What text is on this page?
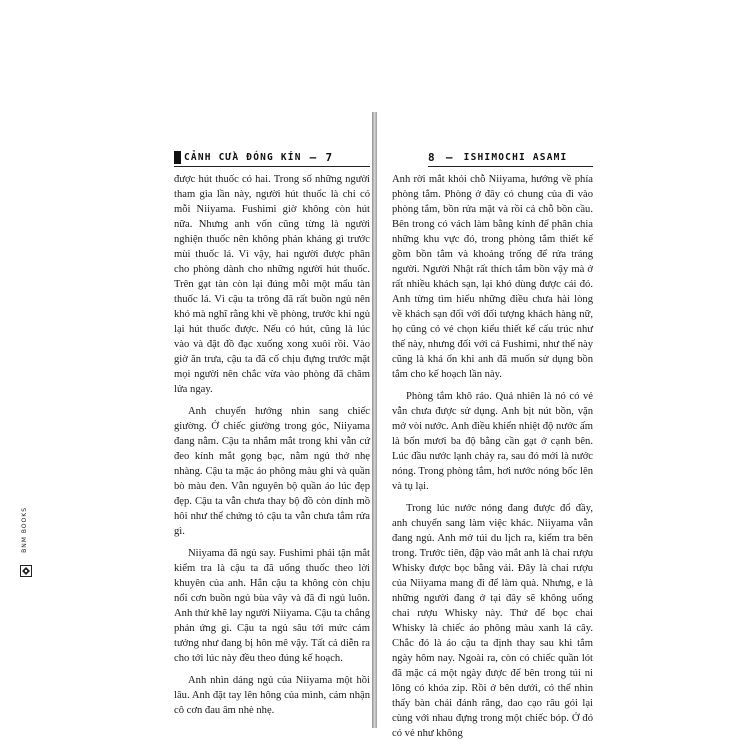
CẢNH CỬA ĐÓNG KÍN – 7

được hút thuốc có hai. Trong số những người tham gia lần này, người hút thuốc là chỉ có mỗi Niiyama. Fushimi giờ không còn hút nữa. Nhưng anh vốn cũng từng là người nghiện thuốc nên không phản kháng gì trước mùi thuốc lá. Vì vậy, hai người được phân cho phòng dành cho những người hút thuốc. Trên gạt tàn còn lại đúng mỗi một mẩu tàn thuốc lá. Vì cậu ta trông đã rất buồn ngủ nên khó mà nghĩ rằng khi về phòng, trước khi ngủ lại hút thuốc được. Nếu có hút, cũng là lúc vào và đặt đồ đạc xuống xong xuôi rồi. Vào giờ ăn trưa, cậu ta đã cố chịu đựng trước mặt mọi người nên chắc vừa vào phòng đã châm lửa ngay.

Anh chuyển hướng nhìn sang chiếc giường. Ở chiếc giường trong góc, Niiyama đang nằm. Cậu ta nhắm mắt trong khi vẫn cứ đeo kính mắt gọng bạc, nằm ngủ thở nhẹ nhàng. Cậu ta mặc áo phông màu ghi và quần bò màu đen. Vẫn nguyên bộ quần áo lúc đẹp đẹp. Cậu ta vẫn chưa thay bộ đồ còn dính mồ hôi như thể chứng tỏ cậu ta vẫn chưa tắm rửa gì.

Niiyama đã ngủ say. Fushimi phải tận mắt kiểm tra là cậu ta đã uống thuốc theo lời khuyên của anh. Hắn cậu ta không còn chịu nổi cơn buồn ngủ bùa vây và đã đi ngủ luôn. Anh thử khẽ lay người Niiyama. Cậu ta chẳng phản ứng gì. Cậu ta ngủ sâu tới mức cảm tưởng như đang bị hôn mê vậy. Tất cả diễn ra cho tới lúc này đều theo đúng kế hoạch.

Anh nhìn dáng ngủ của Niiyama một hồi lâu. Anh đặt tay lên hông của mình, cảm nhận cô cơn đau âm nhè nhẹ.

8 – ISHIMOCHI ASAMI

Anh rời mắt khỏi chỗ Niiyama, hướng về phía phòng tắm. Phòng ở đây có chung của đi vào phòng tắm, bồn rửa mặt và rồi cả chỗ bồn cầu. Bên trong có vách làm bằng kính để phân chia những khu vực đó, trong phòng tắm thiết kế gồm bồn tắm và khoảng trống để rửa tráng người. Người Nhật rất thích tắm bồn vậy mà ở rất nhiều khách sạn, lại khó dùng được cái đó. Anh từng tìm hiểu những điều chưa hài lòng về khách sạn đối với đối tượng khách hàng nữ, họ cũng có vẻ chọn kiểu thiết kế cấu trúc như thế này, nhưng đối với cả Fushimi, như thế này cũng là khá ổn khi anh đã muốn sử dụng bồn tắm cho kế hoạch lần này.

Phòng tắm khô ráo. Quả nhiên là nó có vẻ vẫn chưa được sử dụng. Anh bịt nút bồn, vặn mở vòi nước. Anh điều khiển nhiệt độ nước ấm là bốn mươi ba độ bằng cần gạt ở cạnh bên. Lúc đầu nước lạnh chảy ra, sau đó mới là nước nóng. Trong phòng tắm, hơi nước nóng bốc lên và tụ lại.

Trong lúc nước nóng đang được đổ đầy, anh chuyển sang làm việc khác. Niiyama vẫn đang ngủ. Anh mở túi du lịch ra, kiểm tra bên trong. Trước tiên, đập vào mắt anh là chai rượu Whisky được bọc bằng vải. Đây là chai rượu của Niiyama mang đi để làm quà. Nhưng, e là những người đang ở tại đây sẽ không uống chai rượu Whisky này. Thứ để bọc chai Whisky là chiếc áo phông màu xanh lá cây. Chắc đó là áo cậu ta định thay sau khi tắm ngày hôm nay. Ngoài ra, còn có chiếc quần lót đã mặc cả một ngày được để bên trong túi ni lông có khóa zip. Rồi ở bên dưới, có thể nhìn thấy bàn chải đánh răng, dao cạo râu gói lại cùng với nhau đựng trong một chiếc bóp. Ở đó có vẻ như không

BNM BOOKS
